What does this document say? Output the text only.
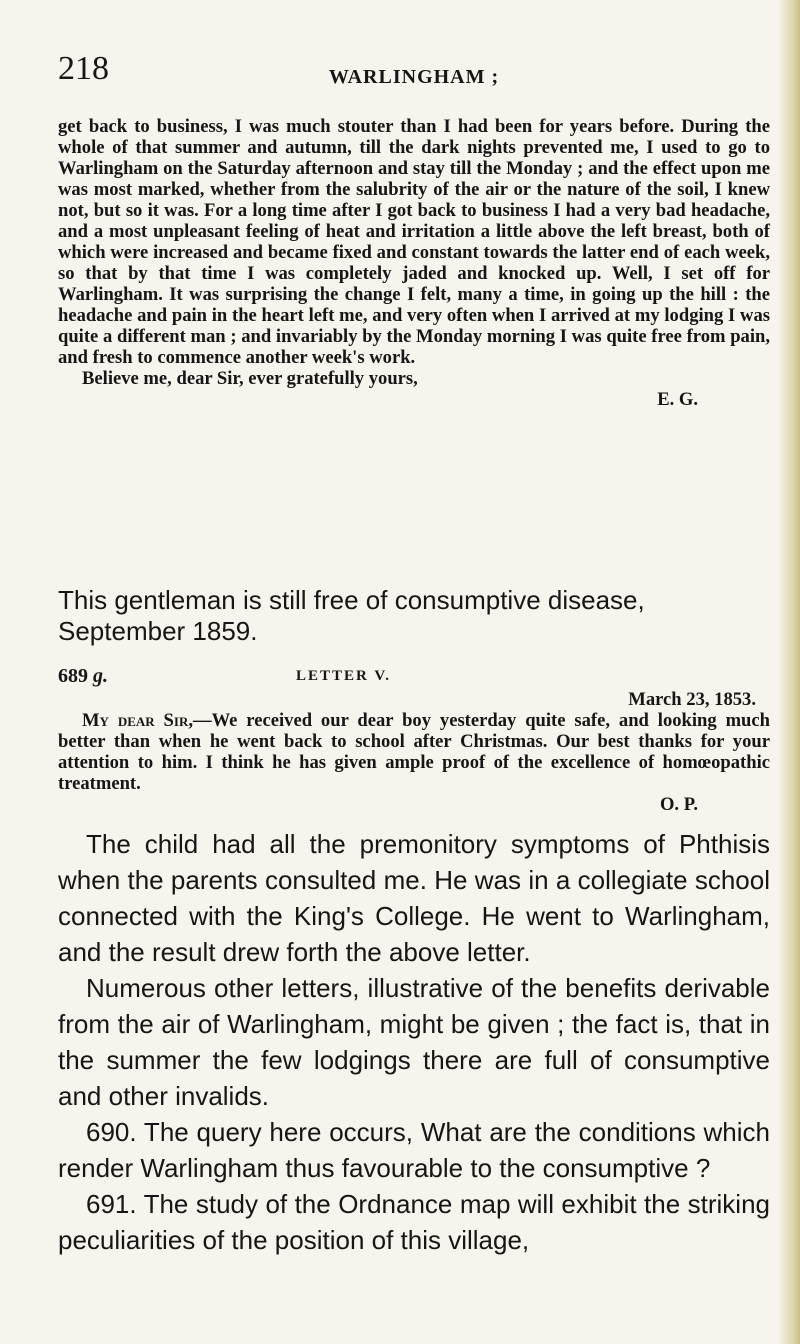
218	WARLINGHAM ;

get back to business, I was much stouter than I had been for years before. During the whole of that summer and autumn, till the dark nights prevented me, I used to go to Warlingham on the Saturday afternoon and stay till the Monday ; and the effect upon me was most marked, whether from the salubrity of the air or the nature of the soil, I knew not, but so it was. For a long time after I got back to business I had a very bad headache, and a most unpleasant feeling of heat and irritation a little above the left breast, both of which were increased and became fixed and constant towards the latter end of each week, so that by that time I was completely jaded and knocked up. Well, I set off for Warlingham. It was surprising the change I felt, many a time, in going up the hill : the headache and pain in the heart left me, and very often when I arrived at my lodging I was quite a different man ; and invariably by the Monday morning I was quite free from pain, and fresh to commence another week's work.

Believe me, dear Sir, ever gratefully yours,

E. G.

This gentleman is still free of consumptive disease, September 1859.

689 g.	LETTER V.

March 23, 1853.

My dear Sir,—We received our dear boy yesterday quite safe, and looking much better than when he went back to school after Christmas. Our best thanks for your attention to him. I think he has given ample proof of the excellence of homœopathic treatment.

O. P.

The child had all the premonitory symptoms of Phthisis when the parents consulted me. He was in a collegiate school connected with the King's College. He went to Warlingham, and the result drew forth the above letter.

Numerous other letters, illustrative of the benefits derivable from the air of Warlingham, might be given ; the fact is, that in the summer the few lodgings there are full of consumptive and other invalids.

690. The query here occurs, What are the conditions which render Warlingham thus favourable to the consumptive ?

691. The study of the Ordnance map will exhibit the striking peculiarities of the position of this village,
